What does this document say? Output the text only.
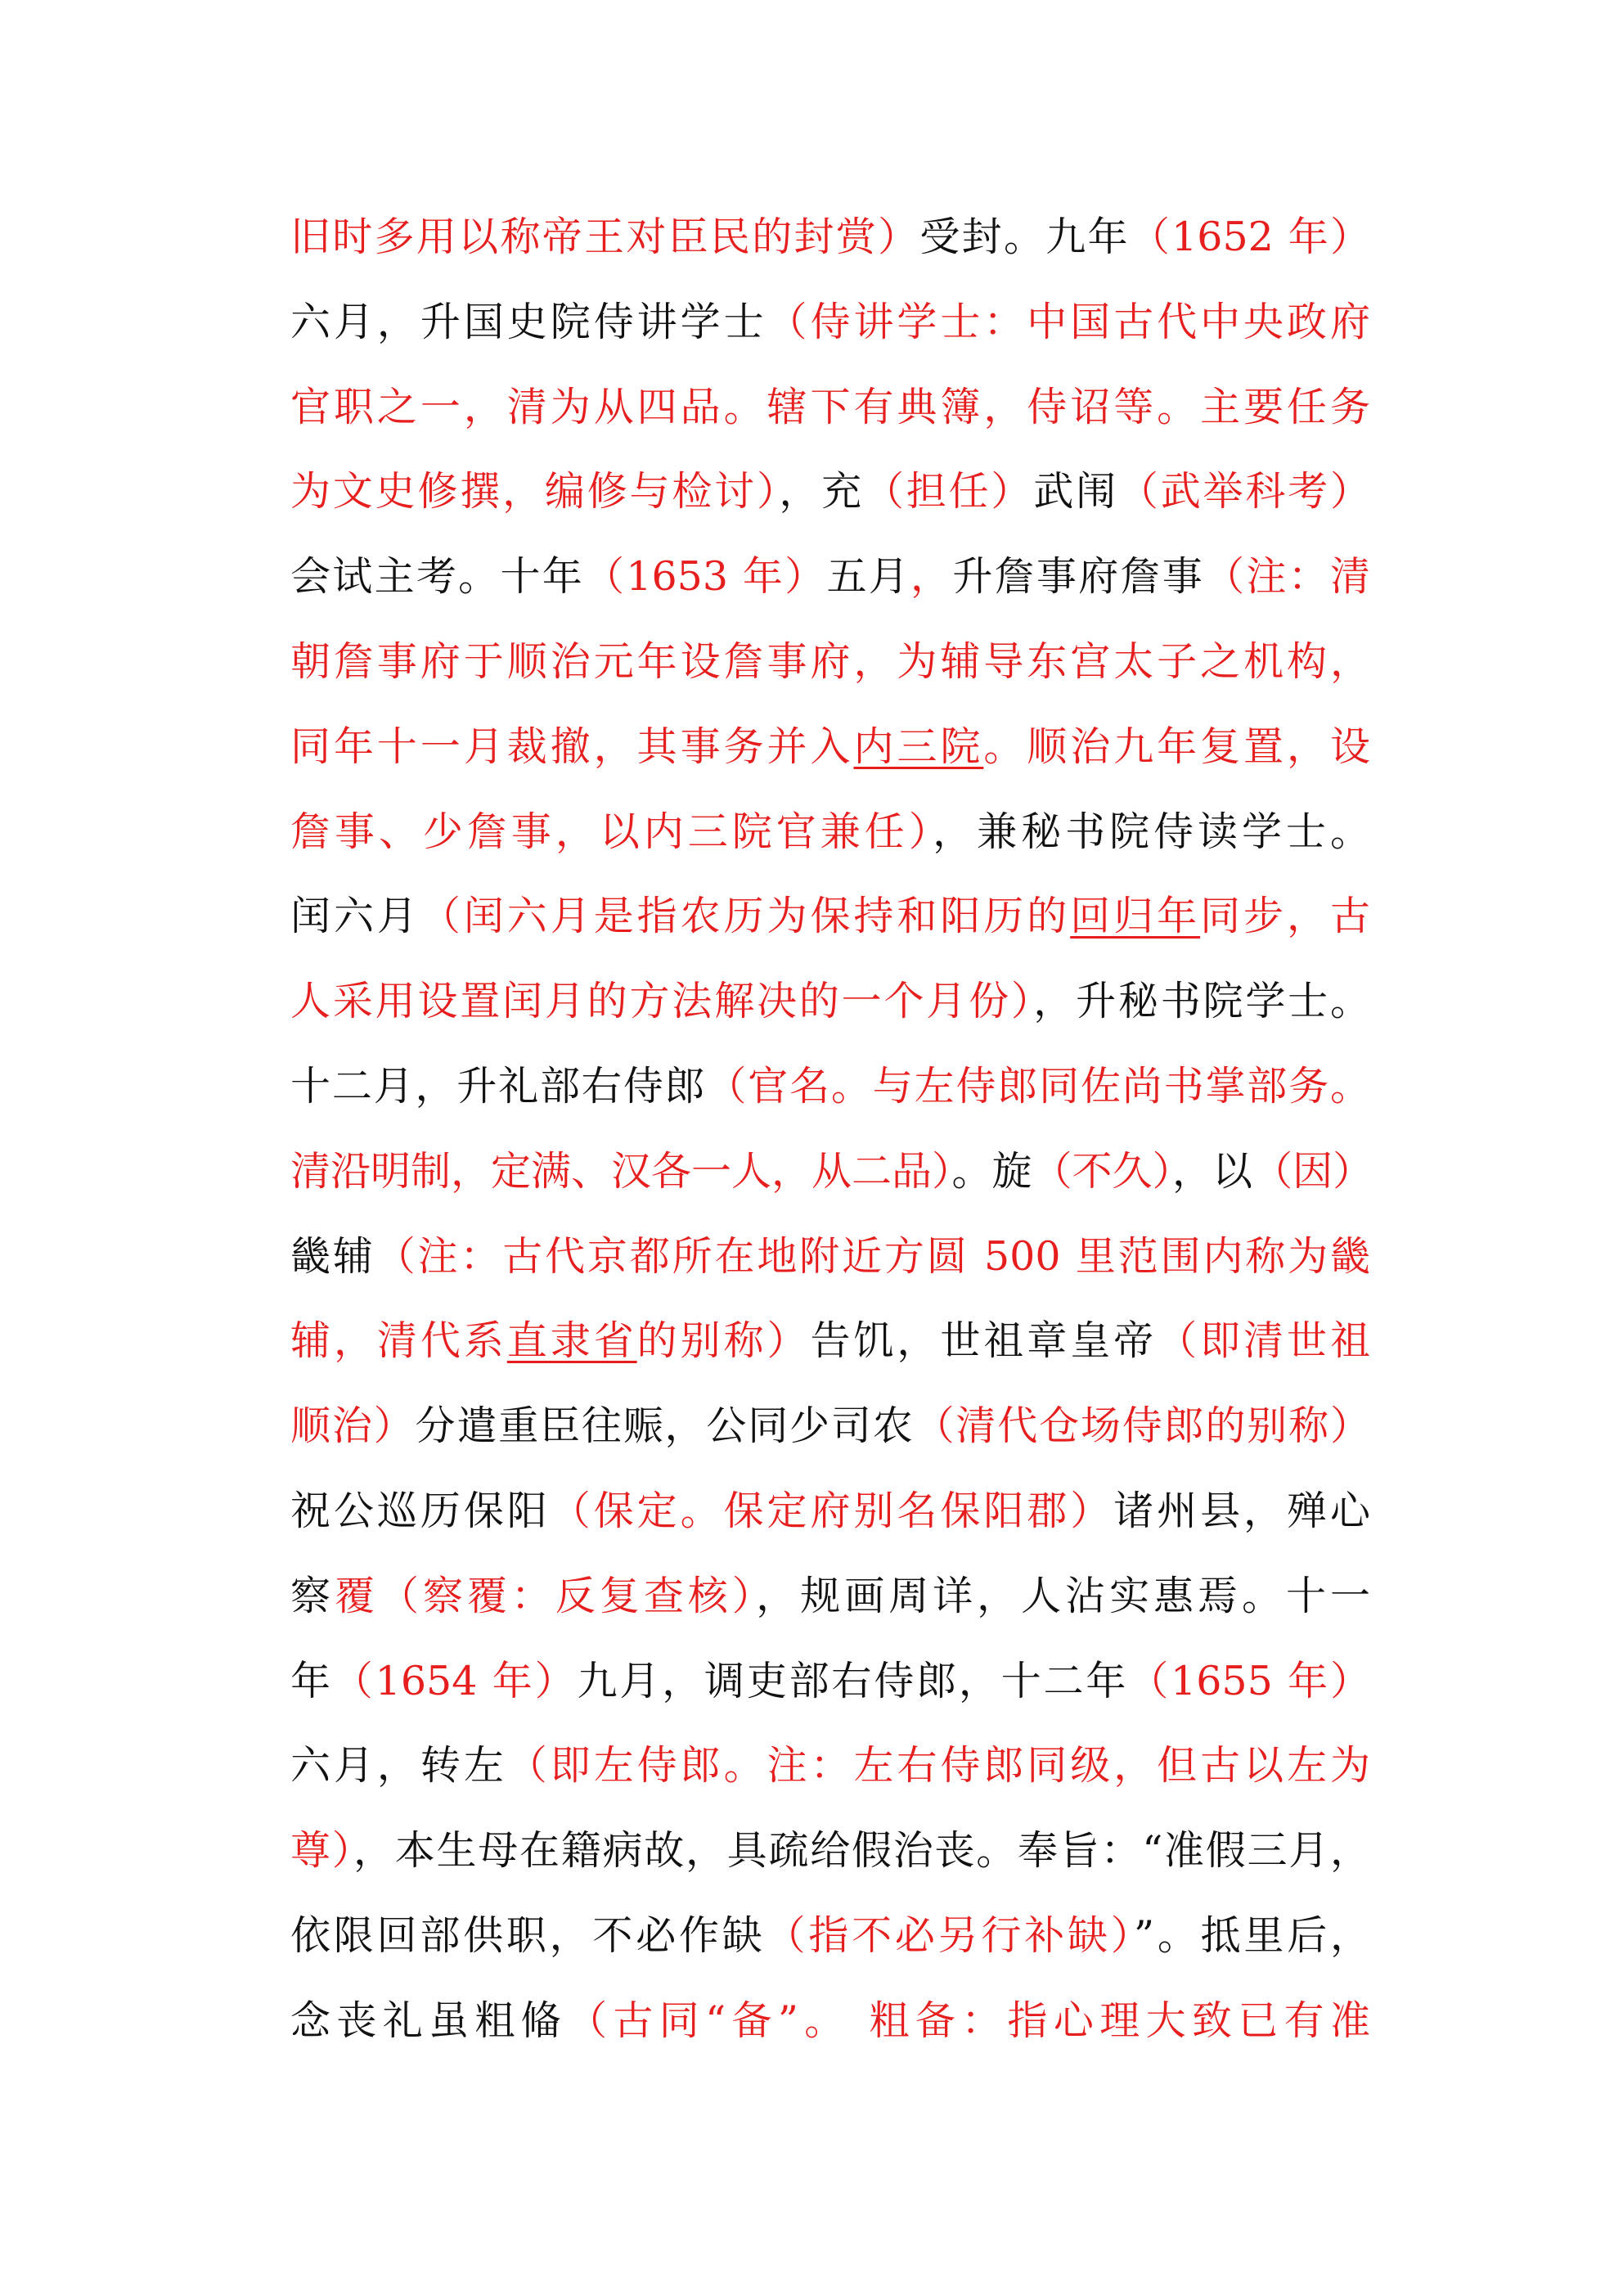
旧时多用以称帝王对臣民的封赏）受封。九年（1652 年）
六月，升国史院侍讲学士（侍讲学士：中国古代中央政府
官职之一，清为从四品。辖下有典簿，侍诏等。主要任务
为文史修撰，编修与检讨），充（担任）武闱（武举科考）
会试主考。十年（1653 年）五月，升詹事府詹事（注：清
朝詹事府于顺治元年设詹事府，为辅导东宫太子之机构，
同年十一月裁撤，其事务并入内三院。顺治九年复置，设
詹事、少詹事，以内三院官兼任），兼秘书院侍读学士。
闰六月（闰六月是指农历为保持和阳历的回归年同步，古
人采用设置闰月的方法解决的一个月份），升秘书院学士。
十二月，升礼部右侍郎（官名。与左侍郎同佐尚书掌部务。
清沿明制，定满、汉各一人，从二品）。旋（不久），以（因）
畿辅（注：古代京都所在地附近方圆 500 里范围内称为畿
辅，清代系直隶省的别称）告饥，世祖章皇帝（即清世祖
顺治）分遣重臣往赈，公同少司农（清代仓场侍郎的别称）
祝公巡历保阳（保定。保定府别名保阳郡）诸州县，殚心
察覆（察覆：反复查核），规画周详，人沾实惠焉。十一
年（1654 年）九月，调吏部右侍郎，十二年（1655 年）
六月，转左（即左侍郎。注：左右侍郎同级，但古以左为
尊），本生母在籍病故，具疏给假治丧。奉旨：“准假三月，
依限回部供职，不必作缺（指不必另行补缺）”。抵里后，
念丧礼虽粗偹（古同“备”。 粗备：指心理大致已有准
